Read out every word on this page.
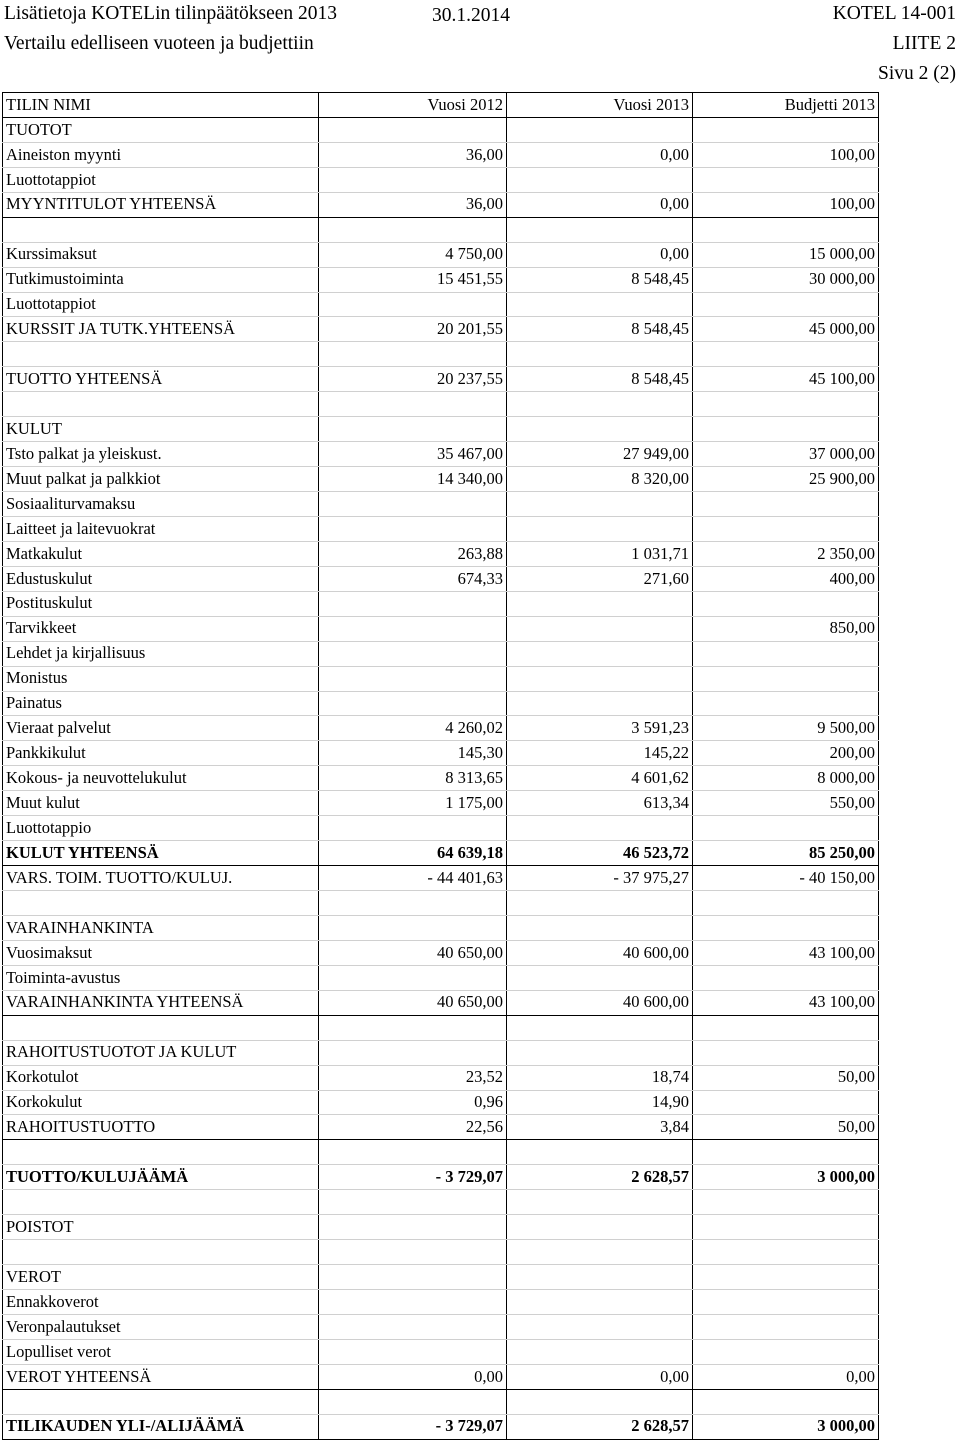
Lisätietoja KOTELin tilinpäätökseen 2013	30.1.2014
Vertailu edelliseen vuoteen ja budjettiin
KOTEL 14-001
LIITE 2
Sivu 2 (2)
TILIN NIMI	Vuosi 2012	Vuosi 2013	Budjetti 2013
TUOTOT			
Aineiston myynti	36,00	0,00	100,00
Luottotappiot			
MYYNTITULOT YHTEENSÄ	36,00	0,00	100,00

Kurssimaksut	4 750,00	0,00	15 000,00
Tutkimustoiminta	15 451,55	8 548,45	30 000,00
Luottotappiot			
KURSSIT JA TUTK.YHTEENSÄ	20 201,55	8 548,45	45 000,00

TUOTTO YHTEENSÄ	20 237,55	8 548,45	45 100,00

KULUT			
Tsto palkat ja yleiskust.	35 467,00	27 949,00	37 000,00
Muut palkat ja palkkiot	14 340,00	8 320,00	25 900,00
Sosiaaliturvamaksu			
Laitteet ja laitevuokrat			
Matkakulut	263,88	1 031,71	2 350,00
Edustuskulut	674,33	271,60	400,00
Postituskulut			
Tarvikkeet			850,00
Lehdet ja kirjallisuus			
Monistus			
Painatus			
Vieraat palvelut	4 260,02	3 591,23	9 500,00
Pankkikulut	145,30	145,22	200,00
Kokous- ja neuvottelukulut	8 313,65	4 601,62	8 000,00
Muut kulut	1 175,00	613,34	550,00
Luottotappio			
KULUT YHTEENSÄ	64 639,18	46 523,72	85 250,00
VARS. TOIM. TUOTTO/KULUJ.	- 44 401,63	- 37 975,27	- 40 150,00

VARAINHANKINTA			
Vuosimaksut	40 650,00	40 600,00	43 100,00
Toiminta-avustus			
VARAINHANKINTA YHTEENSÄ	40 650,00	40 600,00	43 100,00

RAHOITUSTUOTOT JA KULUT			
Korkotulot	23,52	18,74	50,00
Korkokulut	0,96	14,90	
RAHOITUSTUOTTO	22,56	3,84	50,00

TUOTTO/KULUJÄÄMÄ	- 3 729,07	2 628,57	3 000,00

POISTOT			

VEROT			
Ennakkoverot			
Veronpalautukset			
Lopulliset verot			
VEROT YHTEENSÄ	0,00	0,00	0,00

TILIKAUDEN YLI-/ALIJÄÄMÄ	- 3 729,07	2 628,57	3 000,00
